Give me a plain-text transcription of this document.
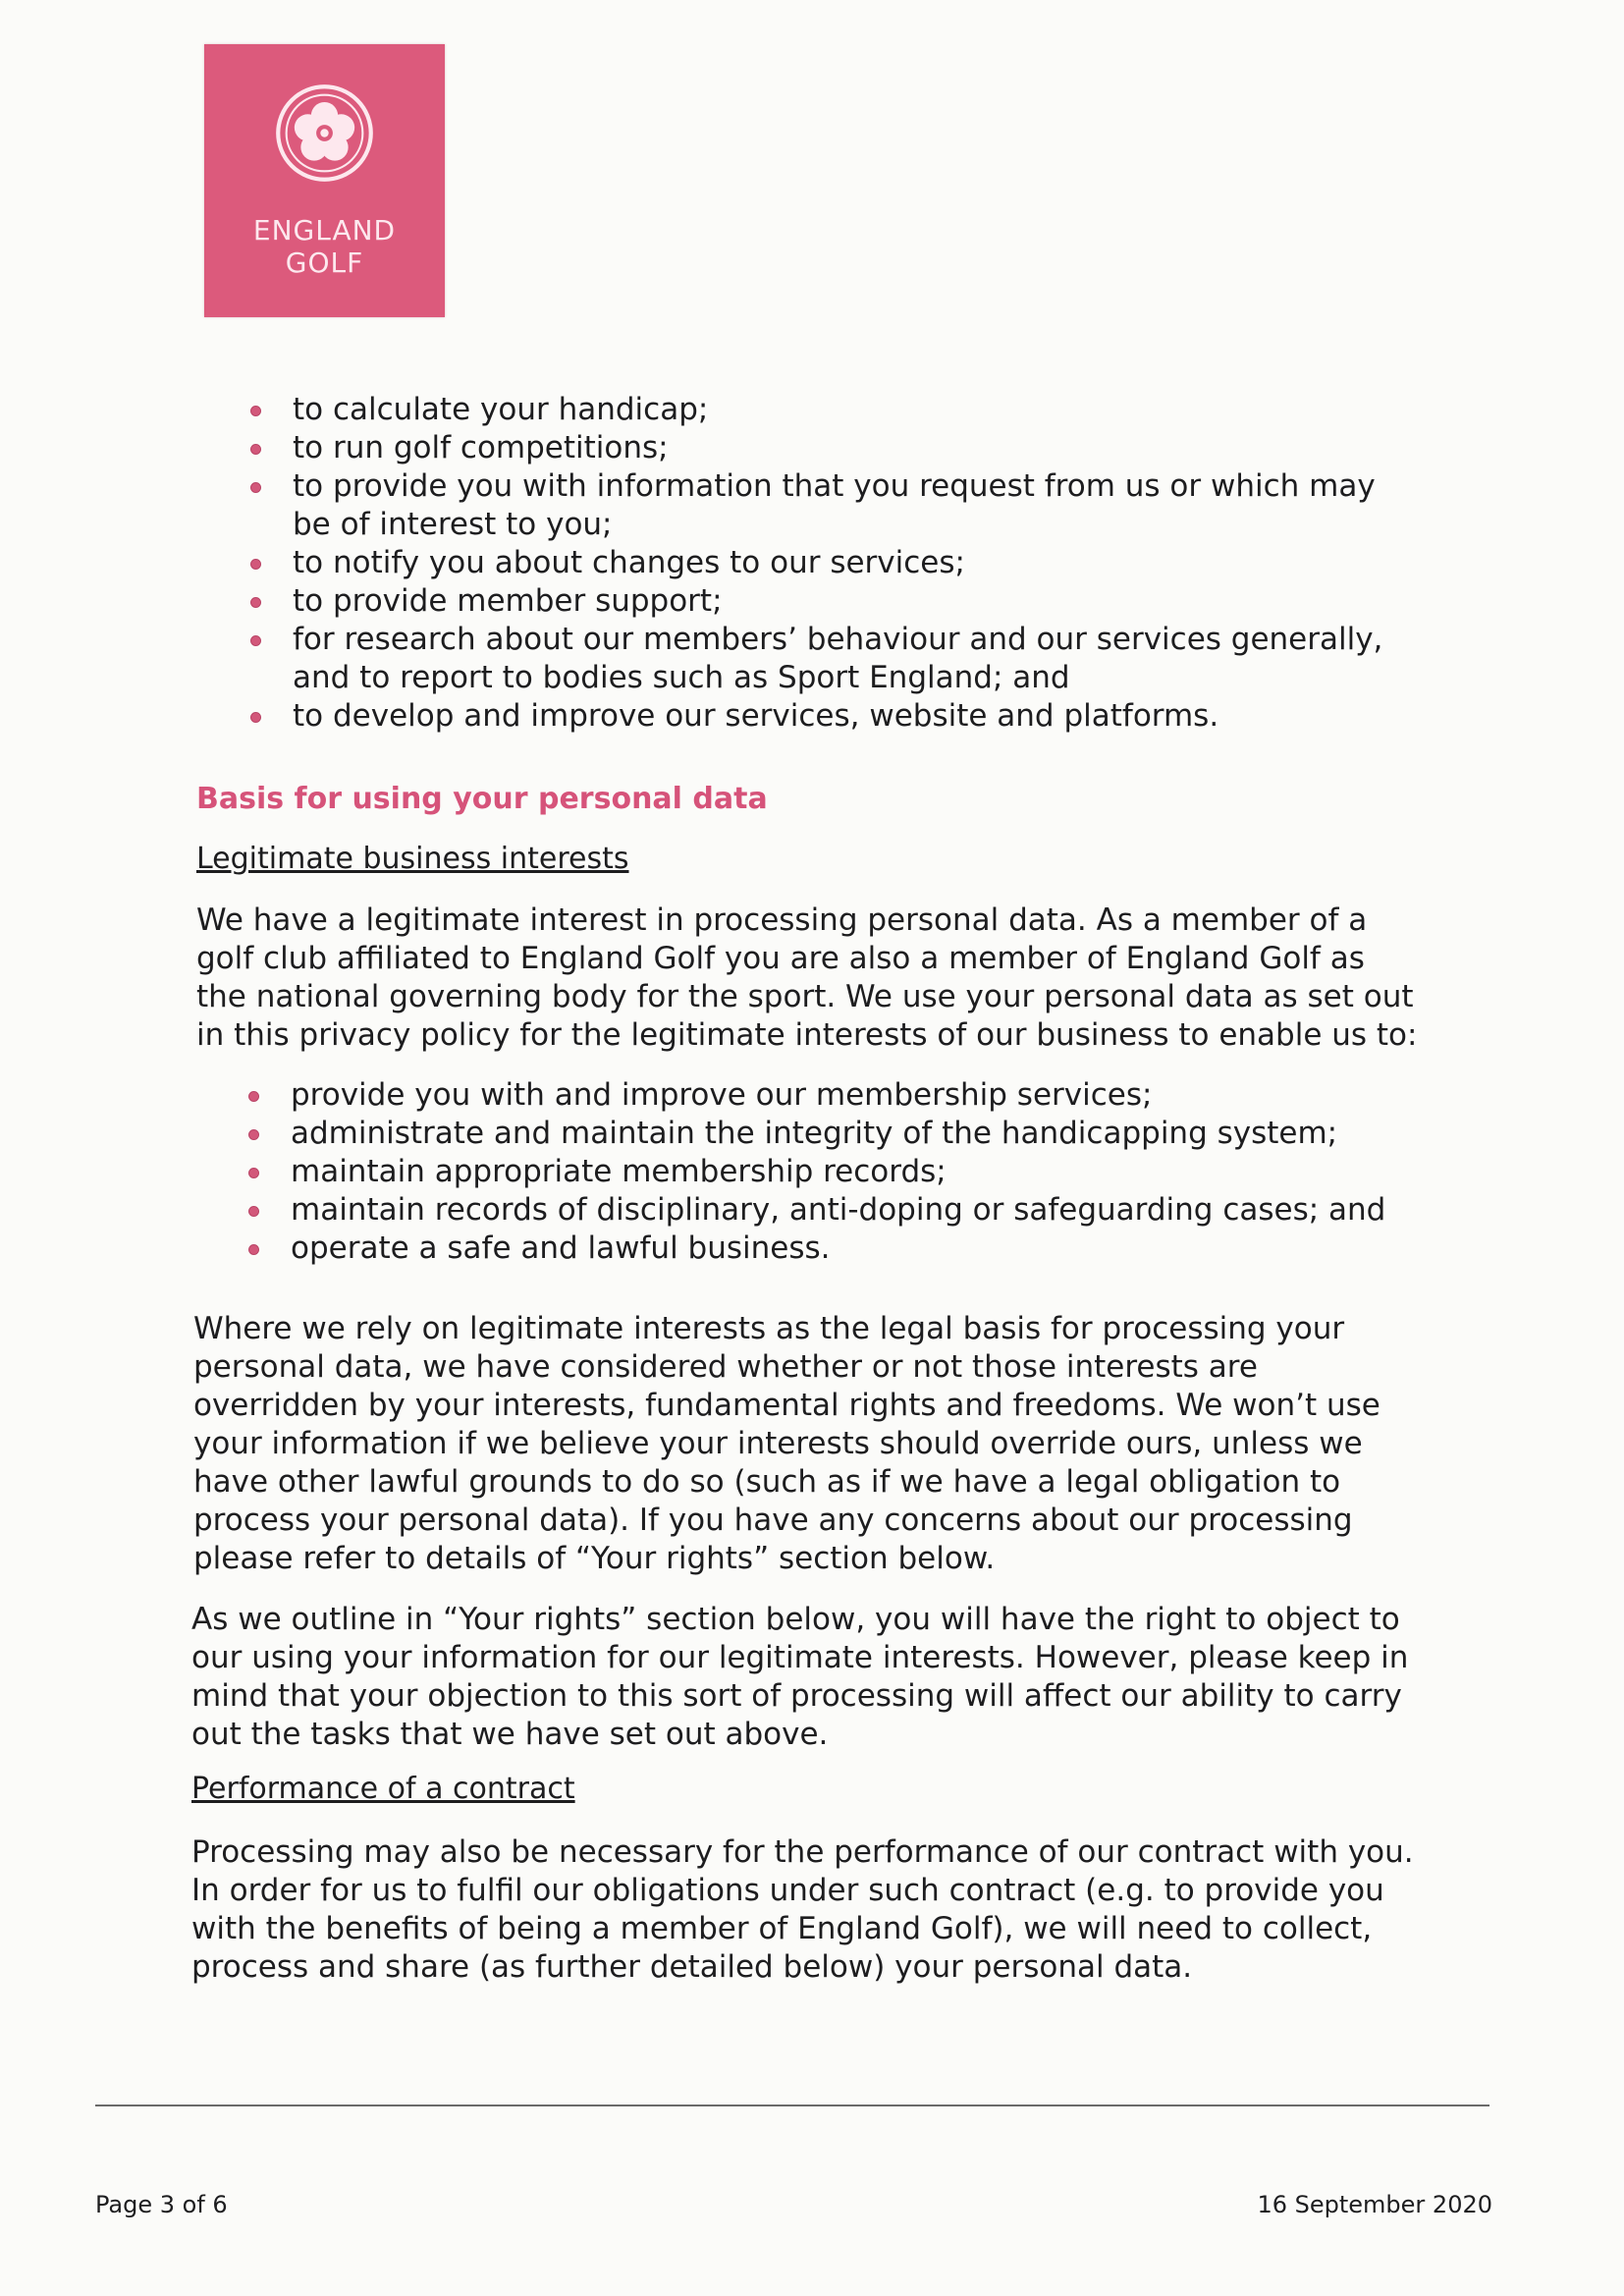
ENGLAND
GOLF
to calculate your handicap;
to run golf competitions;
to provide you with information that you request from us or which may be of interest to you;
to notify you about changes to our services;
to provide member support;
for research about our members’ behaviour and our services generally, and to report to bodies such as Sport England; and
to develop and improve our services, website and platforms.
Basis for using your personal data
Legitimate business interests

We have a legitimate interest in processing personal data. As a member of a golf club affiliated to England Golf you are also a member of England Golf as the national governing body for the sport. We use your personal data as set out in this privacy policy for the legitimate interests of our business to enable us to:

provide you with and improve our membership services;
administrate and maintain the integrity of the handicapping system;
maintain appropriate membership records;
maintain records of disciplinary, anti-doping or safeguarding cases; and
operate a safe and lawful business.

Where we rely on legitimate interests as the legal basis for processing your personal data, we have considered whether or not those interests are overridden by your interests, fundamental rights and freedoms. We won’t use your information if we believe your interests should override ours, unless we have other lawful grounds to do so (such as if we have a legal obligation to process your personal data). If you have any concerns about our processing please refer to details of “Your rights” section below.

As we outline in “Your rights” section below, you will have the right to object to our using your information for our legitimate interests. However, please keep in mind that your objection to this sort of processing will affect our ability to carry out the tasks that we have set out above.

Performance of a contract

Processing may also be necessary for the performance of our contract with you. In order for us to fulfil our obligations under such contract (e.g. to provide you with the benefits of being a member of England Golf), we will need to collect, process and share (as further detailed below) your personal data.

Page 3 of 6	16 September 2020
